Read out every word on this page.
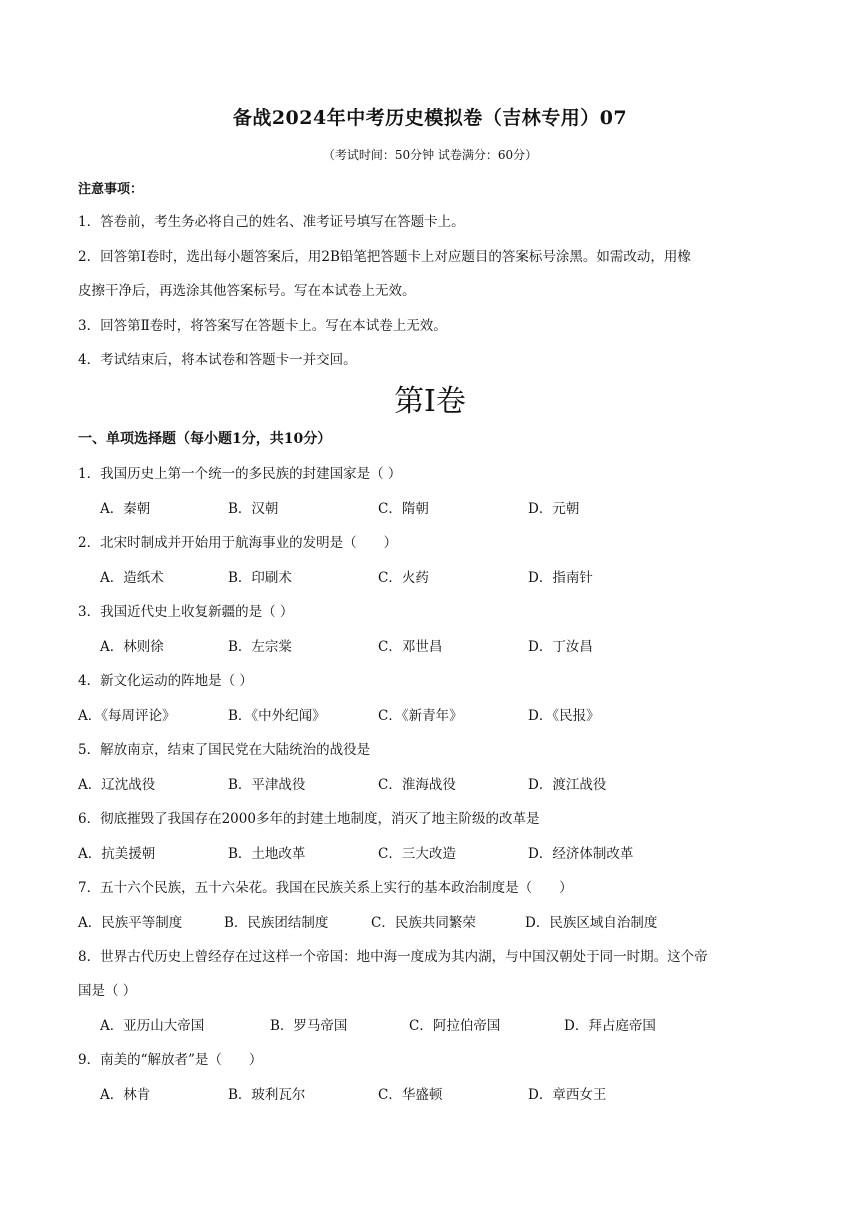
备战2024年中考历史模拟卷（吉林专用）07
（考试时间：50分钟 试卷满分：60分）
注意事项：
1．答卷前，考生务必将自己的姓名、准考证号填写在答题卡上。
2．回答第Ⅰ卷时，选出每小题答案后，用2B铅笔把答题卡上对应题目的答案标号涂黑。如需改动，用橡
皮擦干净后，再选涂其他答案标号。写在本试卷上无效。
3．回答第Ⅱ卷时，将答案写在答题卡上。写在本试卷上无效。
4．考试结束后，将本试卷和答题卡一并交回。
第Ⅰ卷
一、单项选择题（每小题1分，共10分）
1．我国历史上第一个统一的多民族的封建国家是（ ）
A．秦朝	B．汉朝	C．隋朝	D．元朝
2．北宋时制成并开始用于航海事业的发明是（　　）
A．造纸术	B．印刷术	C．火药	D．指南针
3．我国近代史上收复新疆的是（ ）
A．林则徐	B．左宗棠	C．邓世昌	D．丁汝昌
4．新文化运动的阵地是（ ）
A．《每周评论》	B．《中外纪闻》	C．《新青年》	D．《民报》
5．解放南京，结束了国民党在大陆统治的战役是
A．辽沈战役	B．平津战役	C．淮海战役	D．渡江战役
6．彻底摧毁了我国存在2000多年的封建土地制度，消灭了地主阶级的改革是
A．抗美援朝	B．土地改革	C．三大改造	D．经济体制改革
7．五十六个民族，五十六朵花。我国在民族关系上实行的基本政治制度是（　　）
A．民族平等制度	B．民族团结制度	C．民族共同繁荣	D．民族区域自治制度
8．世界古代历史上曾经存在过这样一个帝国：地中海一度成为其内湖，与中国汉朝处于同一时期。这个帝
国是（ ）
A．亚历山大帝国	B．罗马帝国	C．阿拉伯帝国	D．拜占庭帝国
9．南美的“解放者”是（　　）
A．林肯	B．玻利瓦尔	C．华盛顿	D．章西女王
